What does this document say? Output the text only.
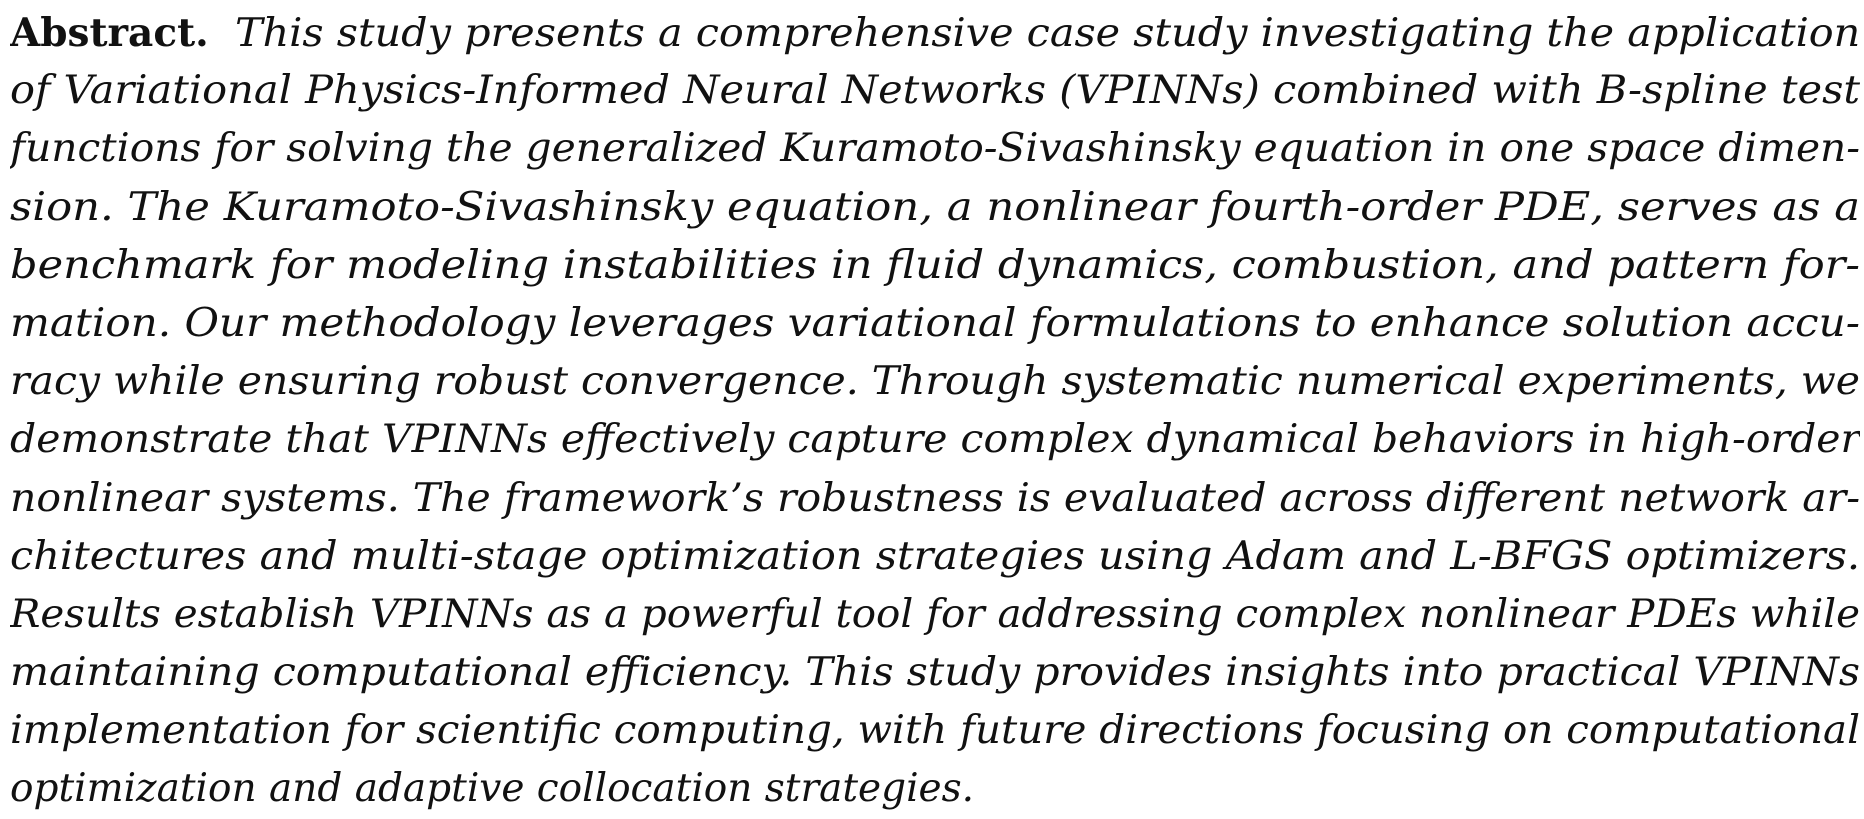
Abstract. This study presents a comprehensive case study investigating the application
of Variational Physics-Informed Neural Networks (VPINNs) combined with B-spline test
functions for solving the generalized Kuramoto-Sivashinsky equation in one space dimen-
sion. The Kuramoto-Sivashinsky equation, a nonlinear fourth-order PDE, serves as a
benchmark for modeling instabilities in fluid dynamics, combustion, and pattern for-
mation. Our methodology leverages variational formulations to enhance solution accu-
racy while ensuring robust convergence. Through systematic numerical experiments, we
demonstrate that VPINNs effectively capture complex dynamical behaviors in high-order
nonlinear systems. The framework’s robustness is evaluated across different network ar-
chitectures and multi-stage optimization strategies using Adam and L-BFGS optimizers.
Results establish VPINNs as a powerful tool for addressing complex nonlinear PDEs while
maintaining computational efficiency. This study provides insights into practical VPINNs
implementation for scientific computing, with future directions focusing on computational
optimization and adaptive collocation strategies.
